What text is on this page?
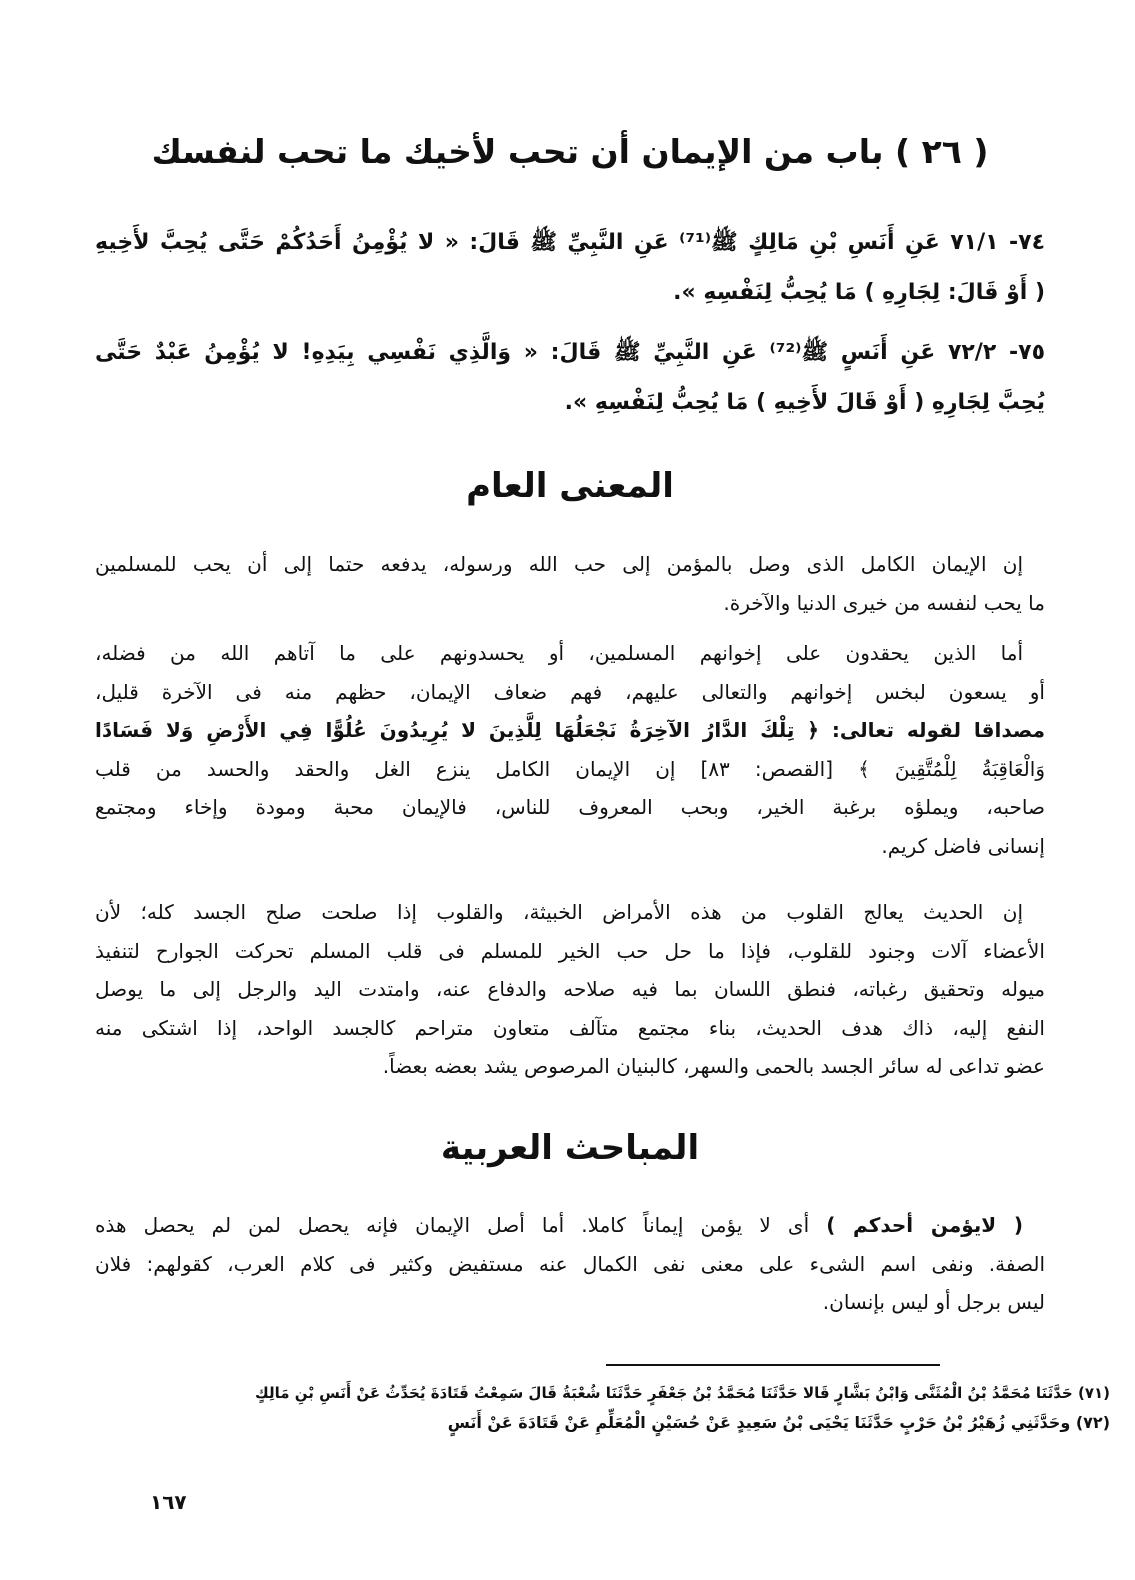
( ٢٦ ) باب من الإيمان أن تحب لأخيك ما تحب لنفسك
٧٤- ٧١/١ عَنِ أَنَسِ بْنِ مَالِكٍ ﷺ⁽⁷¹⁾ عَنِ النَّبِيِّ ﷺ قَالَ: « لا يُؤْمِنُ أَحَدُكُمْ حَتَّى يُحِبَّ لأَخِيهِ
( أَوْ قَالَ: لِجَارِهِ ) مَا يُحِبُّ لِنَفْسِهِ ».
٧٥- ٧٢/٢ عَنِ أَنَسٍ ﷺ⁽⁷²⁾ عَنِ النَّبِيِّ ﷺ قَالَ: « وَالَّذِي نَفْسِي بِيَدِهِ! لا يُؤْمِنُ عَبْدٌ حَتَّى
يُحِبَّ لِجَارِهِ ( أَوْ قَالَ لأَخِيهِ ) مَا يُحِبُّ لِنَفْسِهِ ».
المعنى العام
إن الإيمان الكامل الذى وصل بالمؤمن إلى حب الله ورسوله، يدفعه حتما إلى أن يحب للمسلمين
ما يحب لنفسه من خيرى الدنيا والآخرة.
أما الذين يحقدون على إخوانهم المسلمين، أو يحسدونهم على ما آتاهم الله من فضله،
أو يسعون لبخس إخوانهم والتعالى عليهم، فهم ضعاف الإيمان، حظهم منه فى الآخرة قليل،
مصداقا لقوله تعالى: ﴿ تِلْكَ الدَّارُ الآخِرَةُ نَجْعَلُهَا لِلَّذِينَ لا يُرِيدُونَ عُلُوًّا فِي الأَرْضِ وَلا فَسَادًا
وَالْعَاقِبَةُ لِلْمُتَّقِينَ ﴾ [القصص: ٨٣] إن الإيمان الكامل ينزع الغل والحقد والحسد من قلب
صاحبه، ويملؤه برغبة الخير، وبحب المعروف للناس، فالإيمان محبة ومودة وإخاء ومجتمع
إنسانى فاضل كريم.
إن الحديث يعالج القلوب من هذه الأمراض الخبيثة، والقلوب إذا صلحت صلح الجسد كله؛ لأن
الأعضاء آلات وجنود للقلوب، فإذا ما حل حب الخير للمسلم فى قلب المسلم تحركت الجوارح لتنفيذ
ميوله وتحقيق رغباته، فنطق اللسان بما فيه صلاحه والدفاع عنه، وامتدت اليد والرجل إلى ما يوصل
النفع إليه، ذاك هدف الحديث، بناء مجتمع متآلف متعاون متراحم كالجسد الواحد، إذا اشتكى منه
عضو تداعى له سائر الجسد بالحمى والسهر، كالبنيان المرصوص يشد بعضه بعضاً.
المباحث العربية
( لايؤمن أحدكم ) أى لا يؤمن إيماناً كاملا. أما أصل الإيمان فإنه يحصل لمن لم يحصل هذه
الصفة. ونفى اسم الشىء على معنى نفى الكمال عنه مستفيض وكثير فى كلام العرب، كقولهم: فلان
ليس برجل أو ليس بإنسان.
(٧١) حَدَّثَنَا مُحَمَّدُ بْنُ الْمُثَنَّى وَابْنُ بَشَّارٍ قَالا حَدَّثَنَا مُحَمَّدُ بْنُ جَعْفَرٍ حَدَّثَنَا شُعْبَةُ قَالَ سَمِعْتُ قَتَادَةَ يُحَدِّثُ عَنْ أَنَسِ بْنِ مَالِكٍ
(٧٢) وحَدَّثَنِي زُهَيْرُ بْنُ حَرْبٍ حَدَّثَنَا يَحْيَى بْنُ سَعِيدٍ عَنْ حُسَيْنٍ الْمُعَلِّمِ عَنْ قَتَادَةَ عَنْ أَنَسٍ
١٦٧
